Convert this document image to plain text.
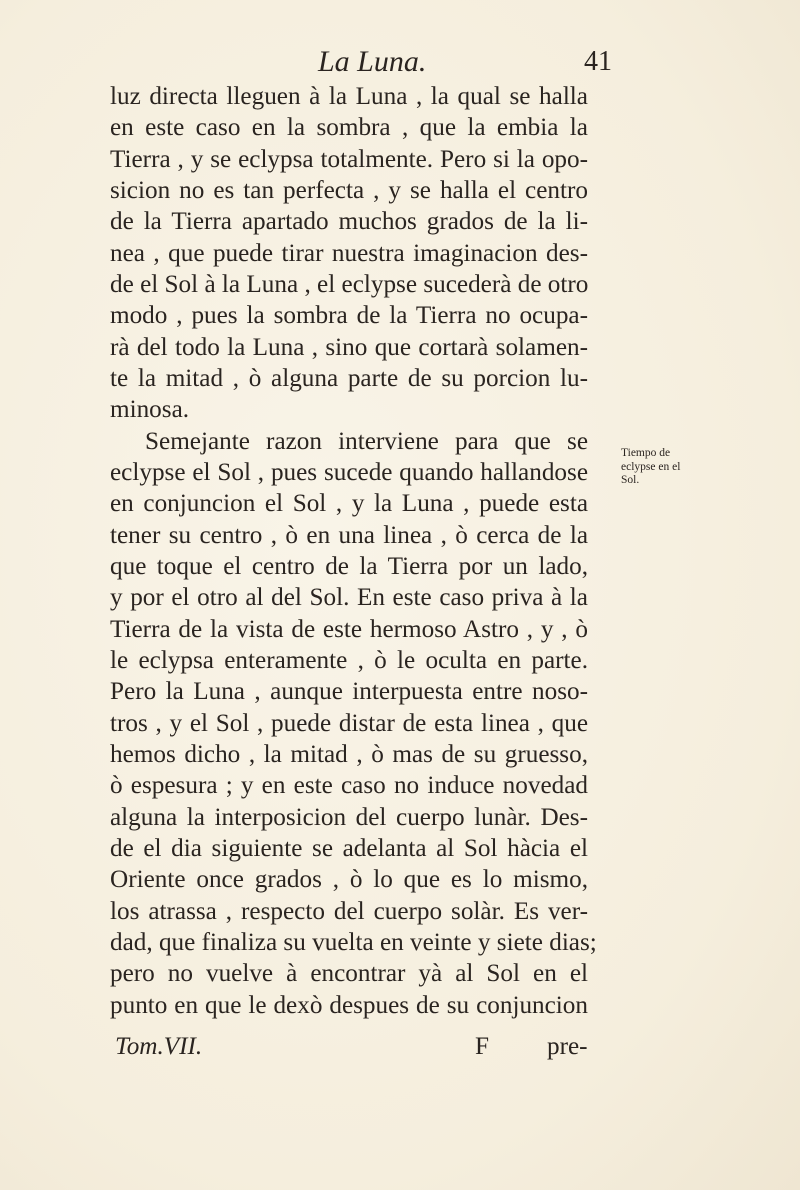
La Luna.	41
luz directa lleguen à la Luna , la qual se halla
en este caso en la sombra , que la embia la
Tierra , y se eclypsa totalmente. Pero si la opo-
sicion no es tan perfecta , y se halla el centro
de la Tierra apartado muchos grados de la li-
nea , que puede tirar nuestra imaginacion des-
de el Sol à la Luna , el eclypse sucederà de otro
modo , pues la sombra de la Tierra no ocupa-
rà del todo la Luna , sino que cortarà solamen-
te la mitad , ò alguna parte de su porcion lu-
minosa.
Semejante razon interviene para que se
eclypse el Sol , pues sucede quando hallandose
en conjuncion el Sol , y la Luna , puede esta
tener su centro , ò en una linea , ò cerca de la
que toque el centro de la Tierra por un lado,
y por el otro al del Sol. En este caso priva à la
Tierra de la vista de este hermoso Astro , y , ò
le eclypsa enteramente , ò le oculta en parte.
Pero la Luna , aunque interpuesta entre noso-
tros , y el Sol , puede distar de esta linea , que
hemos dicho , la mitad , ò mas de su gruesso,
ò espesura ; y en este caso no induce novedad
alguna la interposicion del cuerpo lunàr. Des-
de el dia siguiente se adelanta al Sol hàcia el
Oriente once grados , ò lo que es lo mismo,
los atrassa , respecto del cuerpo solàr. Es ver-
dad, que finaliza su vuelta en veinte y siete dias;
pero no vuelve à encontrar yà al Sol en el
punto en que le dexò despues de su conjuncion
Tiempo de
eclypse en el
Sol.
Tom.VII.	F pre-
